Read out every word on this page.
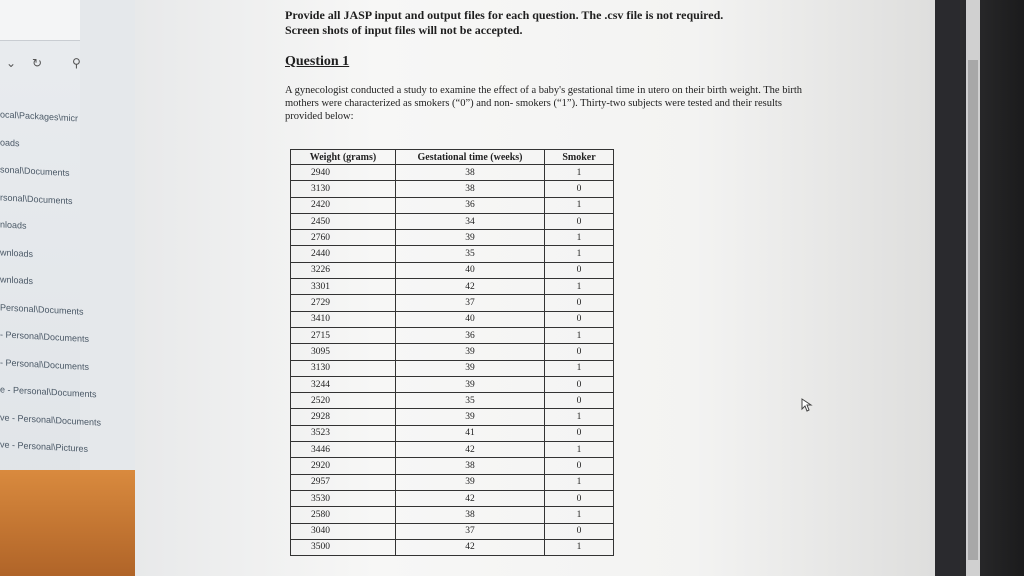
⌄ ↻ ⚲
ocal\Packages\micr
oads
sonal\Documents
rsonal\Documents
nloads
wnloads
wnloads
Personal\Documents
- Personal\Documents
- Personal\Documents
e - Personal\Documents
ve - Personal\Documents
ve - Personal\Pictures

Provide all JASP input and output files for each question. The .csv file is not required.

Screen shots of input files will not be accepted.

Question 1

A gynecologist conducted a study to examine the effect of a baby's gestational time in utero on their birth weight. The birth mothers were characterized as smokers (“0”) and non- smokers (“1”). Thirty-two subjects were tested and their results provided below:

Weight (grams)	Gestational time (weeks)	Smoker
2940	38	1
3130	38	0
2420	36	1
2450	34	0
2760	39	1
2440	35	1
3226	40	0
3301	42	1
2729	37	0
3410	40	0
2715	36	1
3095	39	0
3130	39	1
3244	39	0
2520	35	0
2928	39	1
3523	41	0
3446	42	1
2920	38	0
2957	39	1
3530	42	0
2580	38	1
3040	37	0
3500	42	1
